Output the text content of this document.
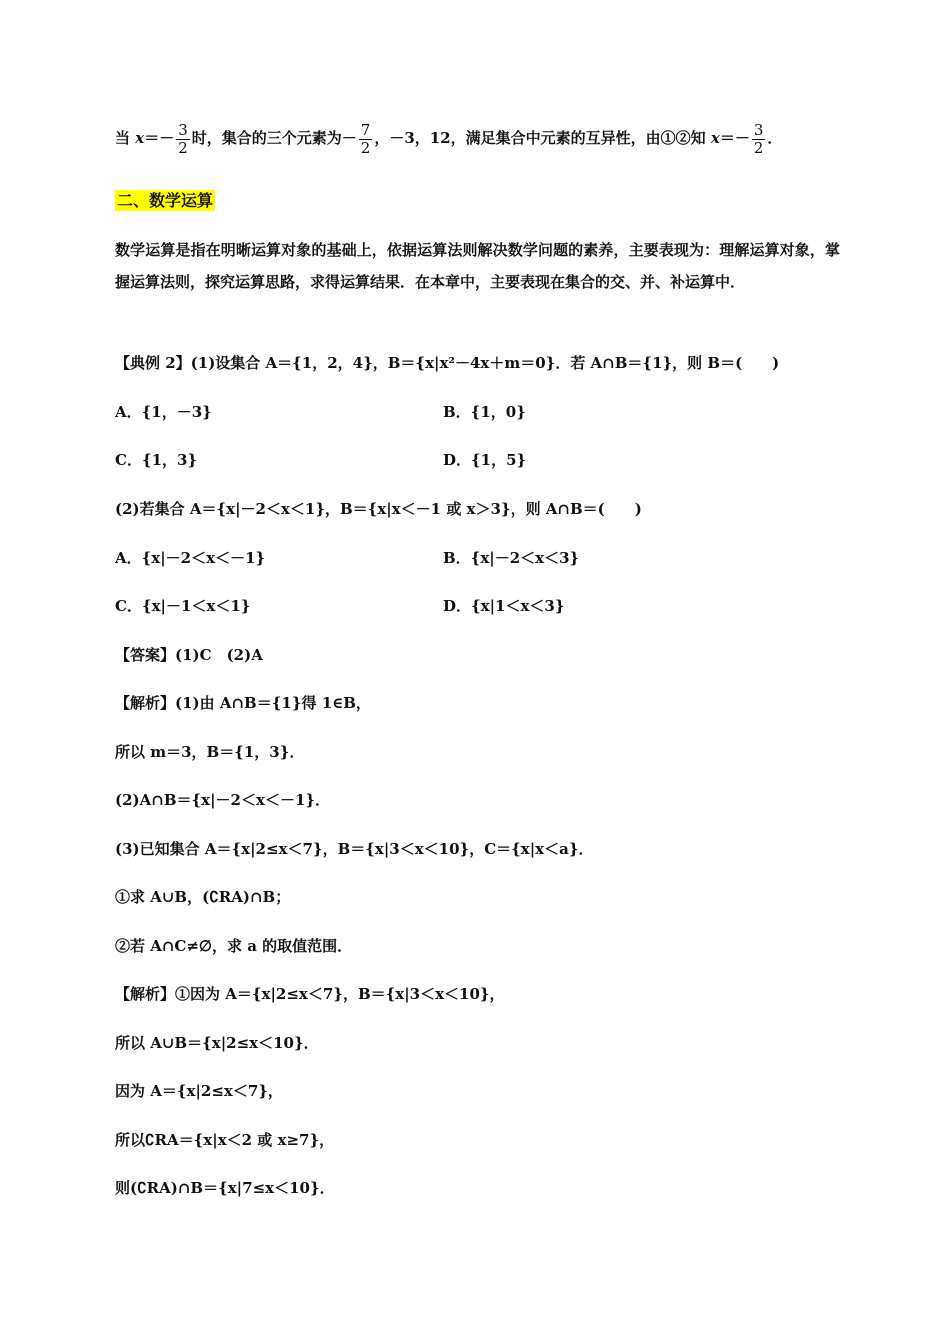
当 $x=- \frac{3}{2}$ 时，集合的三个元素为－ $\frac{7}{2}$ ，－3，12，满足集合中元素的互异性，由①②知 $x=- \frac{3}{2}$ ．
二、数学运算

数学运算是指在明晰运算对象的基础上，依据运算法则解决数学问题的素养，主要表现为：理解运算对象，掌握运算法则，探究运算思路，求得运算结果．在本章中，主要表现在集合的交、并、补运算中．

【典例 2】(1)设集合 A＝{1，2，4}，B＝{x|x²－4x＋m＝0}．若 A∩B＝{1}，则 B＝(　　)
A．{1，－3}	B．{1，0}
C．{1，3}	D．{1，5}
(2)若集合 A＝{x|－2＜x＜1}，B＝{x|x＜－1 或 x＞3}，则 A∩B＝(　　)
A．{x|－2＜x＜－1}	B．{x|－2＜x＜3}
C．{x|－1＜x＜1}	D．{x|1＜x＜3}
【答案】(1)C　(2)A
【解析】(1)由 A∩B＝{1}得 1∈B，
所以 m＝3，B＝{1，3}．
(2)A∩B＝{x|－2＜x＜－1}．
(3)已知集合 A＝{x|2≤x＜7}，B＝{x|3＜x＜10}，C＝{x|x＜a}．
①求 A∪B，(∁RA)∩B；
②若 A∩C≠∅，求 a 的取值范围．
【解析】①因为 A＝{x|2≤x＜7}，B＝{x|3＜x＜10}，
所以 A∪B＝{x|2≤x＜10}．
因为 A＝{x|2≤x＜7}，
所以∁RA＝{x|x＜2 或 x≥7}，
则(∁RA)∩B＝{x|7≤x＜10}．
